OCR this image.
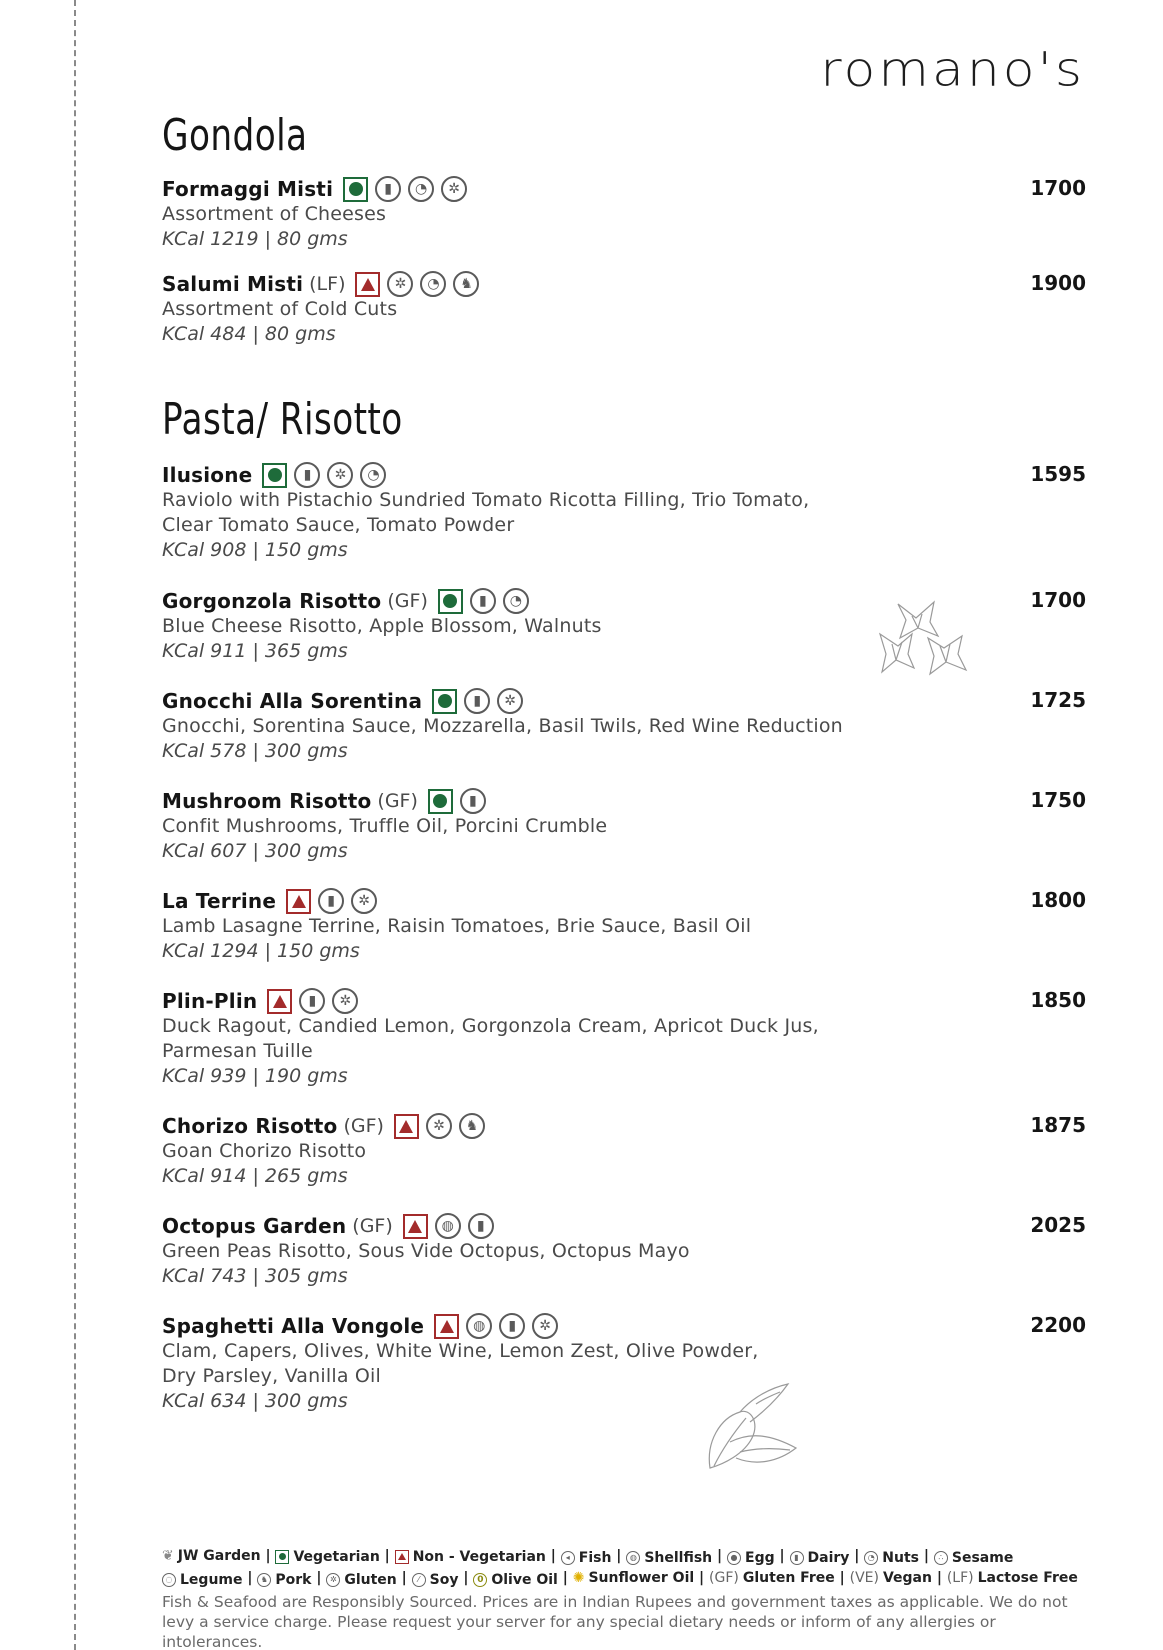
romano's
Gondola
Formaggi Misti	▮	◔	✲	1700
Assortment of Cheeses
KCal 1219 | 80 gms
Salumi Misti (LF)	✲	◔	♞	1900
Assortment of Cold Cuts
KCal 484 | 80 gms
Pasta/ Risotto
Ilusione	▮	✲	◔	1595
Raviolo with Pistachio Sundried Tomato Ricotta Filling, Trio Tomato,
Clear Tomato Sauce, Tomato Powder
KCal 908 | 150 gms
Gorgonzola Risotto (GF)	▮	◔	1700
Blue Cheese Risotto, Apple Blossom, Walnuts
KCal 911 | 365 gms
Gnocchi Alla Sorentina	▮	✲	1725
Gnocchi, Sorentina Sauce, Mozzarella, Basil Twils, Red Wine Reduction
KCal 578 | 300 gms
Mushroom Risotto (GF)	▮	1750
Confit Mushrooms, Truffle Oil, Porcini Crumble
KCal 607 | 300 gms
La Terrine	▮	✲	1800
Lamb Lasagne Terrine, Raisin Tomatoes, Brie Sauce, Basil Oil
KCal 1294 | 150 gms
Plin-Plin	▮	✲	1850
Duck Ragout, Candied Lemon, Gorgonzola Cream, Apricot Duck Jus,
Parmesan Tuille
KCal 939 | 190 gms
Chorizo Risotto (GF)	✲	♞	1875
Goan Chorizo Risotto
KCal 914 | 265 gms
Octopus Garden (GF)	◍	▮	2025
Green Peas Risotto, Sous Vide Octopus, Octopus Mayo
KCal 743 | 305 gms
Spaghetti Alla Vongole	◍	▮	✲	2200
Clam, Capers, Olives, White Wine, Lemon Zest, Olive Powder,
Dry Parsley, Vanilla Oil
KCal 634 | 300 gms
❦ JW Garden | Vegetarian | Non - Vegetarian | ◂ Fish | ◍ Shellfish | ● Egg | ▮ Dairy | ◔ Nuts | ∴ Sesame
◌ Legume | ♞ Pork | ✲ Gluten | ⁄ Soy | 0 Olive Oil | ✺ Sunflower Oil | (GF) Gluten Free | (VE) Vegan | (LF) Lactose Free
Fish & Seafood are Responsibly Sourced. Prices are in Indian Rupees and government taxes as applicable. We do not levy a service charge. Please request your server for any special dietary needs or inform of any allergies or intolerances.
